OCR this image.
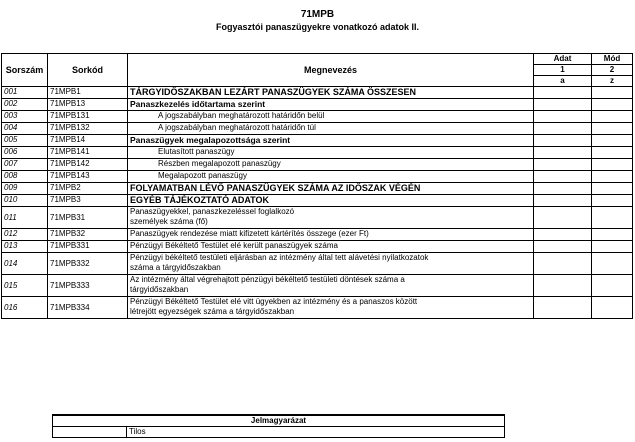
71MPB
Fogyasztói panaszügyekre vonatkozó adatok II.
Sorszám	Sorkód	Megnevezés	Adat	Mód
			1	2
			a	z
001	71MPB1	TÁRGYIDŐSZAKBAN LEZÁRT PANASZÜGYEK SZÁMA ÖSSZESEN		
002	71MPB13	Panaszkezelés időtartama szerint		
003	71MPB131	A jogszabályban meghatározott határidőn belül		
004	71MPB132	A jogszabályban meghatározott határidőn túl		
005	71MPB14	Panaszügyek megalapozottsága szerint		
006	71MPB141	Elutasított panaszügy		
007	71MPB142	Részben megalapozott panaszügy		
008	71MPB143	Megalapozott panaszügy		
009	71MPB2	FOLYAMATBAN LÉVŐ PANASZÜGYEK SZÁMA AZ IDŐSZAK VÉGÉN		
010	71MPB3	EGYÉB TÁJÉKOZTATÓ ADATOK		
011	71MPB31	Panaszügyekkel, panaszkezeléssel foglalkozó
személyek száma (fő)		

012	71MPB32	Panaszügyek rendezése miatt kifizetett kártérítés összege (ezer Ft)		
013	71MPB331	Pénzügyi Békéltető Testület elé került panaszügyek száma		
014	71MPB332	Pénzügyi békéltető testületi eljárásban az intézmény által tett alávetési nyilatkozatok
száma a tárgyidőszakban		

015	71MPB333	Az intézmény által végrehajtott pénzügyi békéltető testületi döntések száma a
tárgyidőszakban		

016	71MPB334	Pénzügyi Békéltető Testület elé vitt ügyekben az intézmény és a panaszos között
létrejött egyezségek száma a tárgyidőszakban		

Jelmagyarázat
	Tilos
